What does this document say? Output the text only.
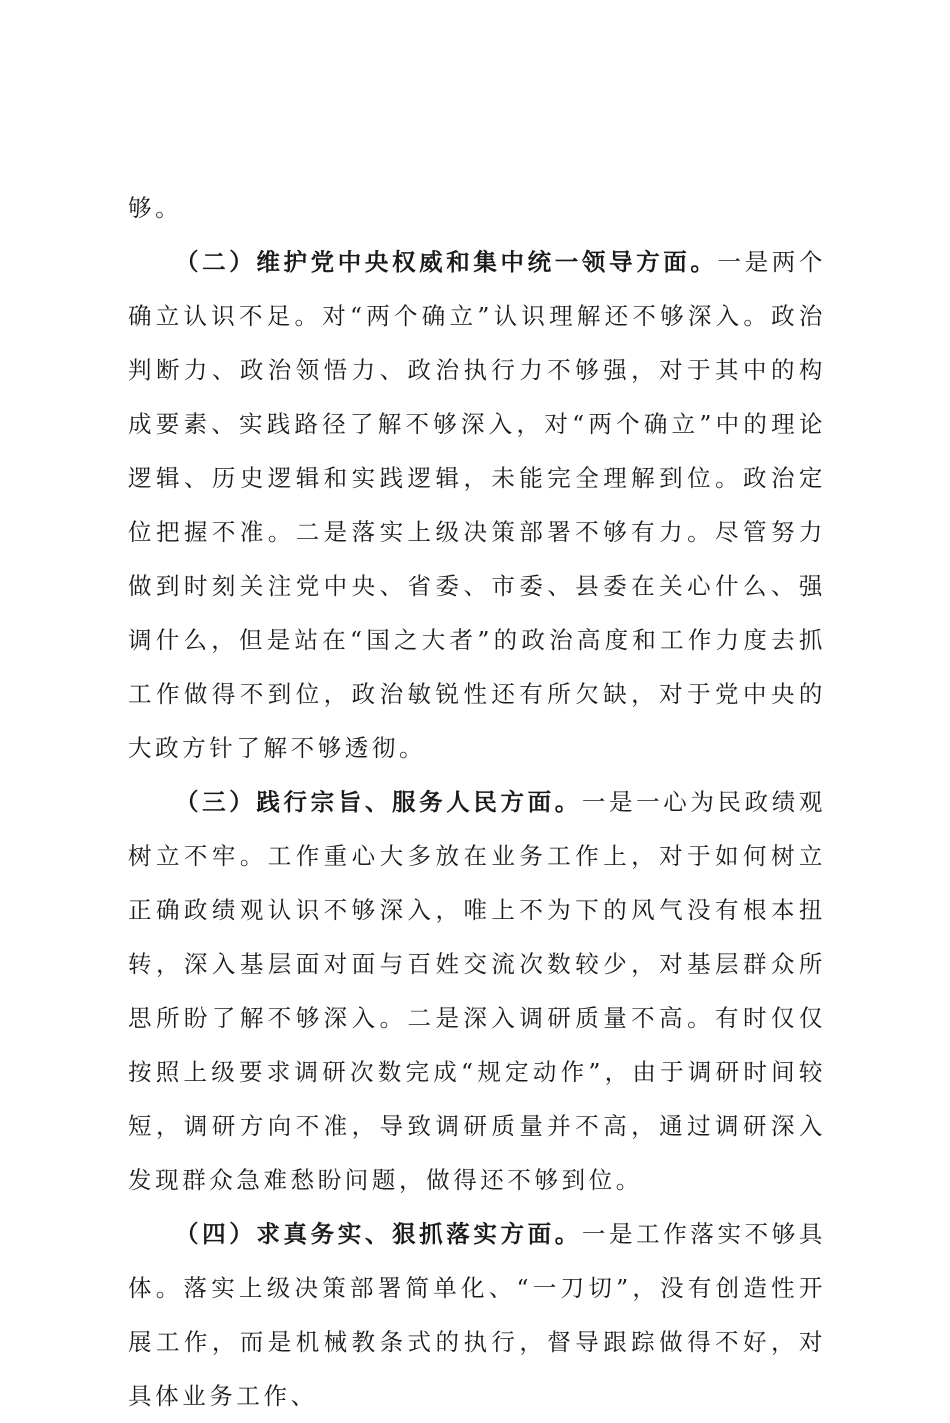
够。

（二）维护党中央权威和集中统一领导方面。一是两个确立认识不足。对“两个确立”认识理解还不够深入。政治判断力、政治领悟力、政治执行力不够强，对于其中的构成要素、实践路径了解不够深入，对“两个确立”中的理论逻辑、历史逻辑和实践逻辑，未能完全理解到位。政治定位把握不准。二是落实上级决策部署不够有力。尽管努力做到时刻关注党中央、省委、市委、县委在关心什么、强调什么，但是站在“国之大者”的政治高度和工作力度去抓工作做得不到位，政治敏锐性还有所欠缺，对于党中央的大政方针了解不够透彻。

（三）践行宗旨、服务人民方面。一是一心为民政绩观树立不牢。工作重心大多放在业务工作上，对于如何树立正确政绩观认识不够深入，唯上不为下的风气没有根本扭转，深入基层面对面与百姓交流次数较少，对基层群众所思所盼了解不够深入。二是深入调研质量不高。有时仅仅按照上级要求调研次数完成“规定动作”，由于调研时间较短，调研方向不准，导致调研质量并不高，通过调研深入发现群众急难愁盼问题，做得还不够到位。

（四）求真务实、狠抓落实方面。一是工作落实不够具体。落实上级决策部署简单化、“一刀切”，没有创造性开展工作，而是机械教条式的执行，督导跟踪做得不好，对具体业务工作、
